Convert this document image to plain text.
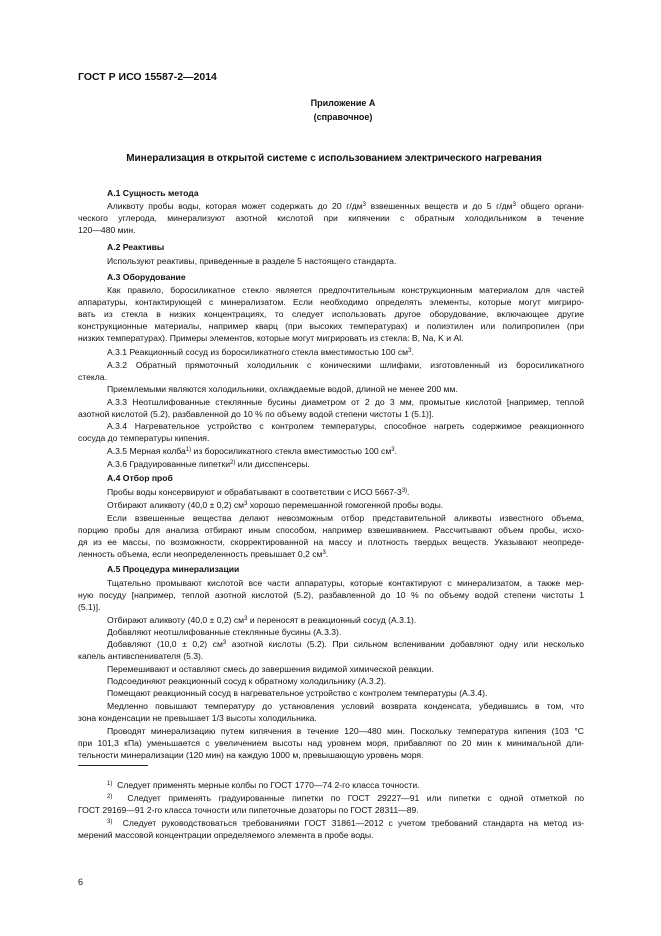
ГОСТ Р ИСО 15587-2—2014
Приложение А
(справочное)
Минерализация в открытой системе с использованием электрического нагревания
А.1 Сущность метода
Аликвоту пробы воды, которая может содержать до 20 $г/дм^3$ взвешенных веществ и до 5 $г/дм^3$ общего органи-
ческого углерода, минерализуют азотной кислотой при кипячении с обратным холодильником в течение
120—480 мин.
А.2 Реактивы
Используют реактивы, приведенные в разделе 5 настоящего стандарта.
А.3 Оборудование
Как правило, боросиликатное стекло является предпочтительным конструкционным материалом для частей
аппаратуры, контактирующей с минерализатом. Если необходимо определять элементы, которые могут мигриро-
вать из стекла в низких концентрациях, то следует использовать другое оборудование, включающее другие
конструкционные материалы, например кварц (при высоких температурах) и полиэтилен или полипропилен (при
низких температурах). Примеры элементов, которые могут мигрировать из стекла: B, Na, K и Al.
А.3.1 Реакционный сосуд из боросиликатного стекла вместимостью 100 $см^3$.
А.3.2 Обратный прямоточный холодильник с коническими шлифами, изготовленный из боросиликатного
стекла.
Приемлемыми являются холодильники, охлаждаемые водой, длиной не менее 200 мм.
А.3.3 Неотшлифованные стеклянные бусины диаметром от 2 до 3 мм, промытые кислотой [например, теплой
азотной кислотой (5.2), разбавленной до 10 % по объему водой степени чистоты 1 (5.1)].
А.3.4 Нагревательное устройство с контролем температуры, способное нагреть содержимое реакционного
сосуда до температуры кипения.
А.3.5 Мерная колба$^{1)}$ из боросиликатного стекла вместимостью 100 $см^3$.
А.3.6 Градуированные пипетки$^{2)}$ или дисспенсеры.
А.4 Отбор проб
Пробы воды консервируют и обрабатывают в соответствии с ИСО 5667-3$^{3)}$.
Отбирают аликвоту (40,0 ± 0,2) $см^3$ хорошо перемешанной гомогенной пробы воды.
Если взвешенные вещества делают невозможным отбор представительной аликвоты известного объема,
порцию пробы для анализа отбирают иным способом, например взвешиванием. Рассчитывают объем пробы, исхо-
дя из ее массы, по возможности, скорректированной на массу и плотность твердых веществ. Указывают неопреде-
ленность объема, если неопределенность превышает 0,2 $см^3$.
А.5 Процедура минерализации
Тщательно промывают кислотой все части аппаратуры, которые контактируют с минерализатом, а также мер-
ную посуду [например, теплой азотной кислотой (5.2), разбавленной до 10 % по объему водой степени чистоты 1
(5.1)].
Отбирают аликвоту (40,0 ± 0,2) $см^3$ и переносят в реакционный сосуд (А.3.1).
Добавляют неотшлифованные стеклянные бусины (А.3.3).
Добавляют (10,0 ± 0,2) $см^3$ азотной кислоты (5.2). При сильном вспенивании добавляют одну или несколько
капель антивспенивателя (5.3).
Перемешивают и оставляют смесь до завершения видимой химической реакции.
Подсоединяют реакционный сосуд к обратному холодильнику (А.3.2).
Помещают реакционный сосуд в нагревательное устройство с контролем температуры (А.3.4).
Медленно повышают температуру до установления условий возврата конденсата, убедившись в том, что
зона конденсации не превышает 1/3 высоты холодильника.
Проводят минерализацию путем кипячения в течение 120—480 мин. Поскольку температура кипения (103 °С
при 101,3 кПа) уменьшается с увеличением высоты над уровнем моря, прибавляют по 20 мин к минимальной дли-
тельности минерализации (120 мин) на каждую 1000 м, превышающую уровень моря.
$^{1)}$ Следует применять мерные колбы по ГОСТ 1770—74 2-го класса точности.
$^{2)}$ Следует применять градуированные пипетки по ГОСТ 29227—91 или пипетки с одной отметкой по
ГОСТ 29169—91 2-го класса точности или пипеточные дозаторы по ГОСТ 28311—89.
$^{3)}$ Следует руководствоваться требованиями ГОСТ 31861—2012 с учетом требований стандарта на метод из-
мерений массовой концентрации определяемого элемента в пробе воды.
6
